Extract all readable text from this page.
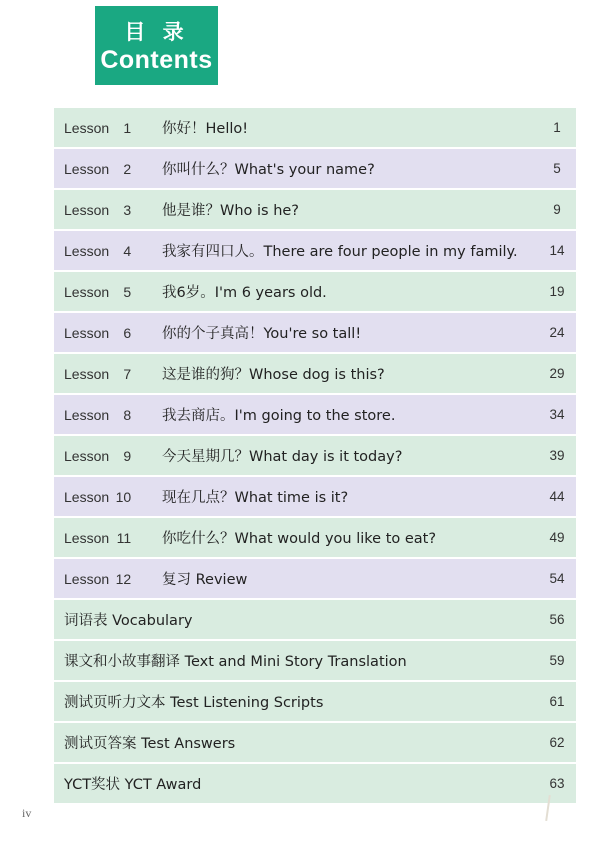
目 录
Contents
Lesson	1 你好！Hello!	1
Lesson	2 你叫什么？What's your name?	5
Lesson	3 他是谁？Who is he?	9
Lesson	4 我家有四口人。There are four people in my family.	14
Lesson	5 我6岁。I'm 6 years old.	19
Lesson	6 你的个子真高！You're so tall!	24
Lesson	7 这是谁的狗？Whose dog is this?	29
Lesson	8 我去商店。I'm going to the store.	34
Lesson	9 今天星期几？What day is it today?	39
Lesson 10 现在几点？What time is it?	44
Lesson 11 你吃什么？What would you like to eat?	49
Lesson 12 复习 Review	54
词语表 Vocabulary	56
课文和小故事翻译 Text and Mini Story Translation	59
测试页听力文本 Test Listening Scripts	61
测试页答案 Test Answers	62
YCT奖状 YCT Award	63
iv
